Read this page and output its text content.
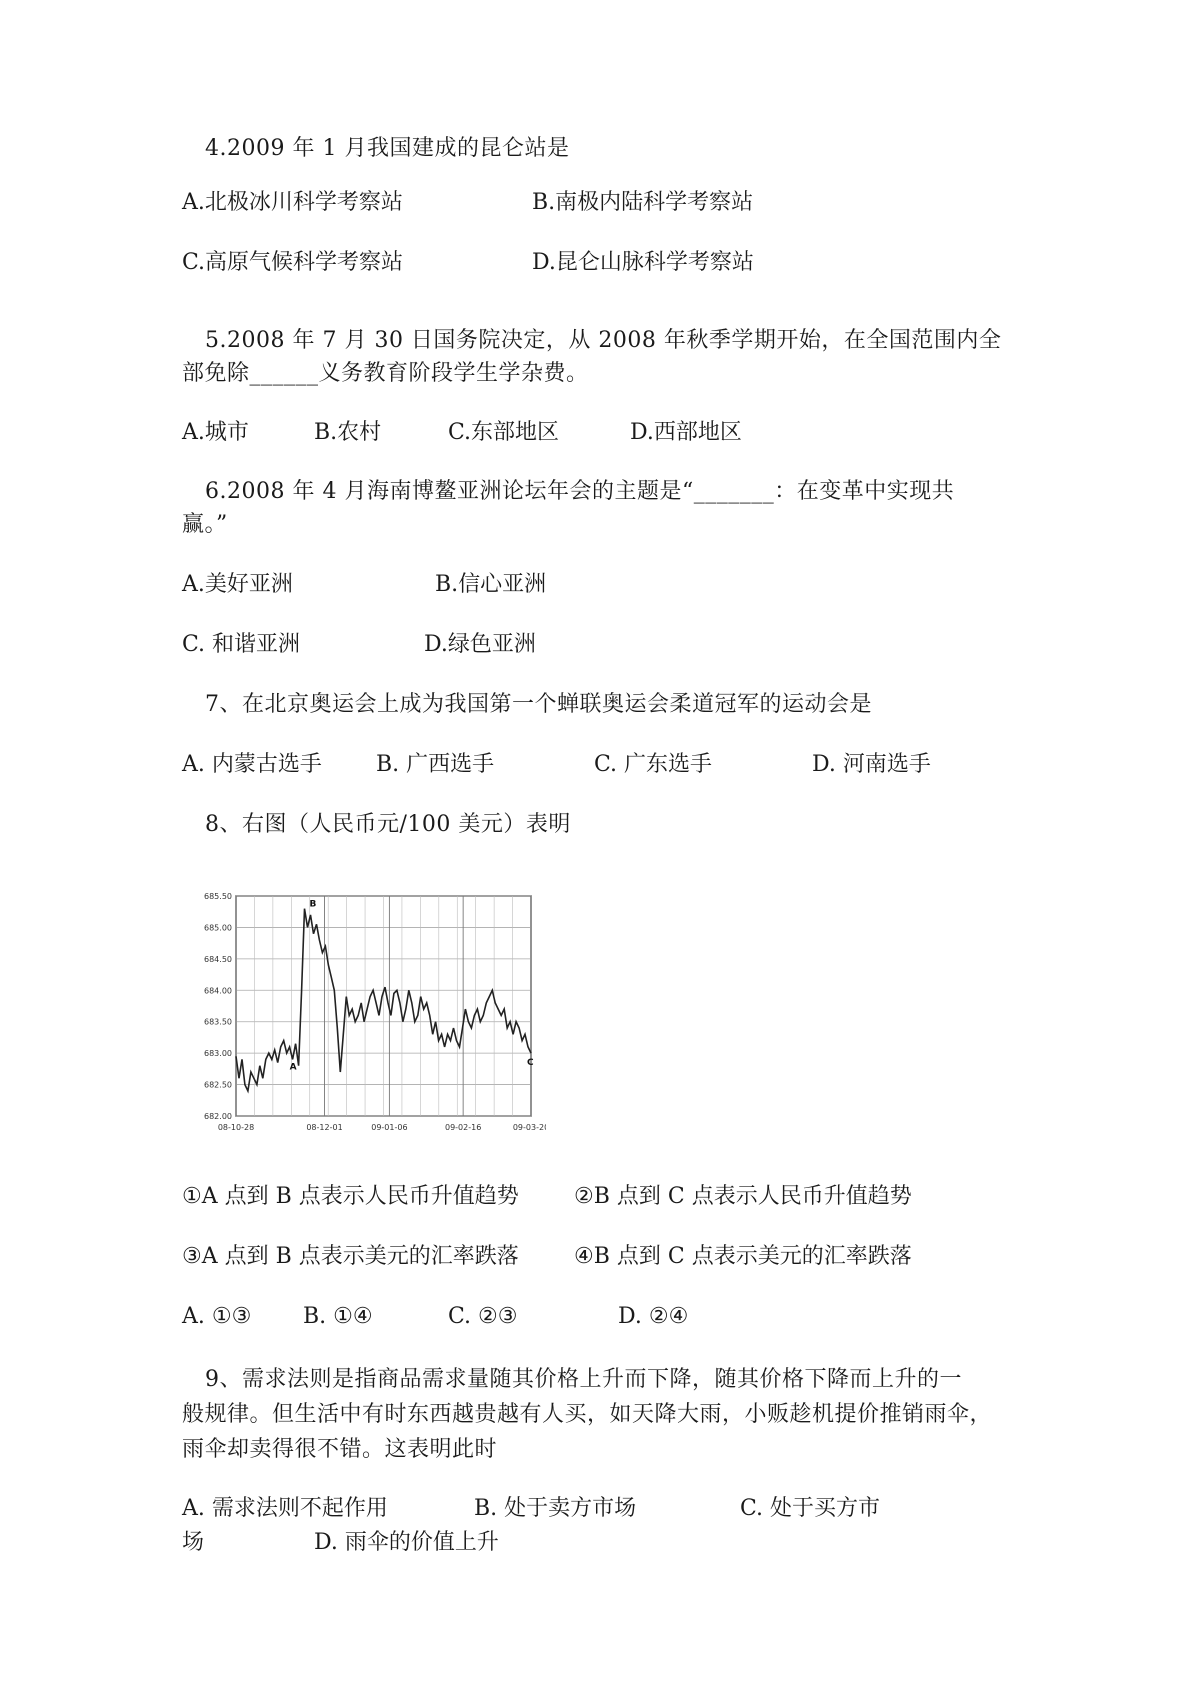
4.2009 年 1 月我国建成的昆仑站是
A.北极冰川科学考察站	B.南极内陆科学考察站
C.高原气候科学考察站	D.昆仑山脉科学考察站
5.2008 年 7 月 30 日国务院决定，从 2008 年秋季学期开始，在全国范围内全
部免除______义务教育阶段学生学杂费。
A.城市	B.农村	C.东部地区	D.西部地区
6.2008 年 4 月海南博鳌亚洲论坛年会的主题是“_______：在变革中实现共
赢。”
A.美好亚洲	B.信心亚洲
C. 和谐亚洲	D.绿色亚洲
7、在北京奥运会上成为我国第一个蝉联奥运会柔道冠军的运动会是
A. 内蒙古选手 B. 广西选手	C. 广东选手	D. 河南选手
8、右图（人民币元/100 美元）表明
685.50
685.00
684.50
684.00
683.50
683.00
682.50
682.00
08-10-28	08-12-01	09-01-06	09-02-16	09-03-20
A
B
C
①A 点到 B 点表示人民币升值趋势	②B 点到 C 点表示人民币升值趋势
③A 点到 B 点表示美元的汇率跌落	④B 点到 C 点表示美元的汇率跌落
A. ①③ B. ①④	C. ②③	D. ②④
9、需求法则是指商品需求量随其价格上升而下降，随其价格下降而上升的一
般规律。但生活中有时东西越贵越有人买，如天降大雨，小贩趁机提价推销雨伞，
雨伞却卖得很不错。这表明此时
A. 需求法则不起作用	B. 处于卖方市场	C. 处于买方市
场	D. 雨伞的价值上升
